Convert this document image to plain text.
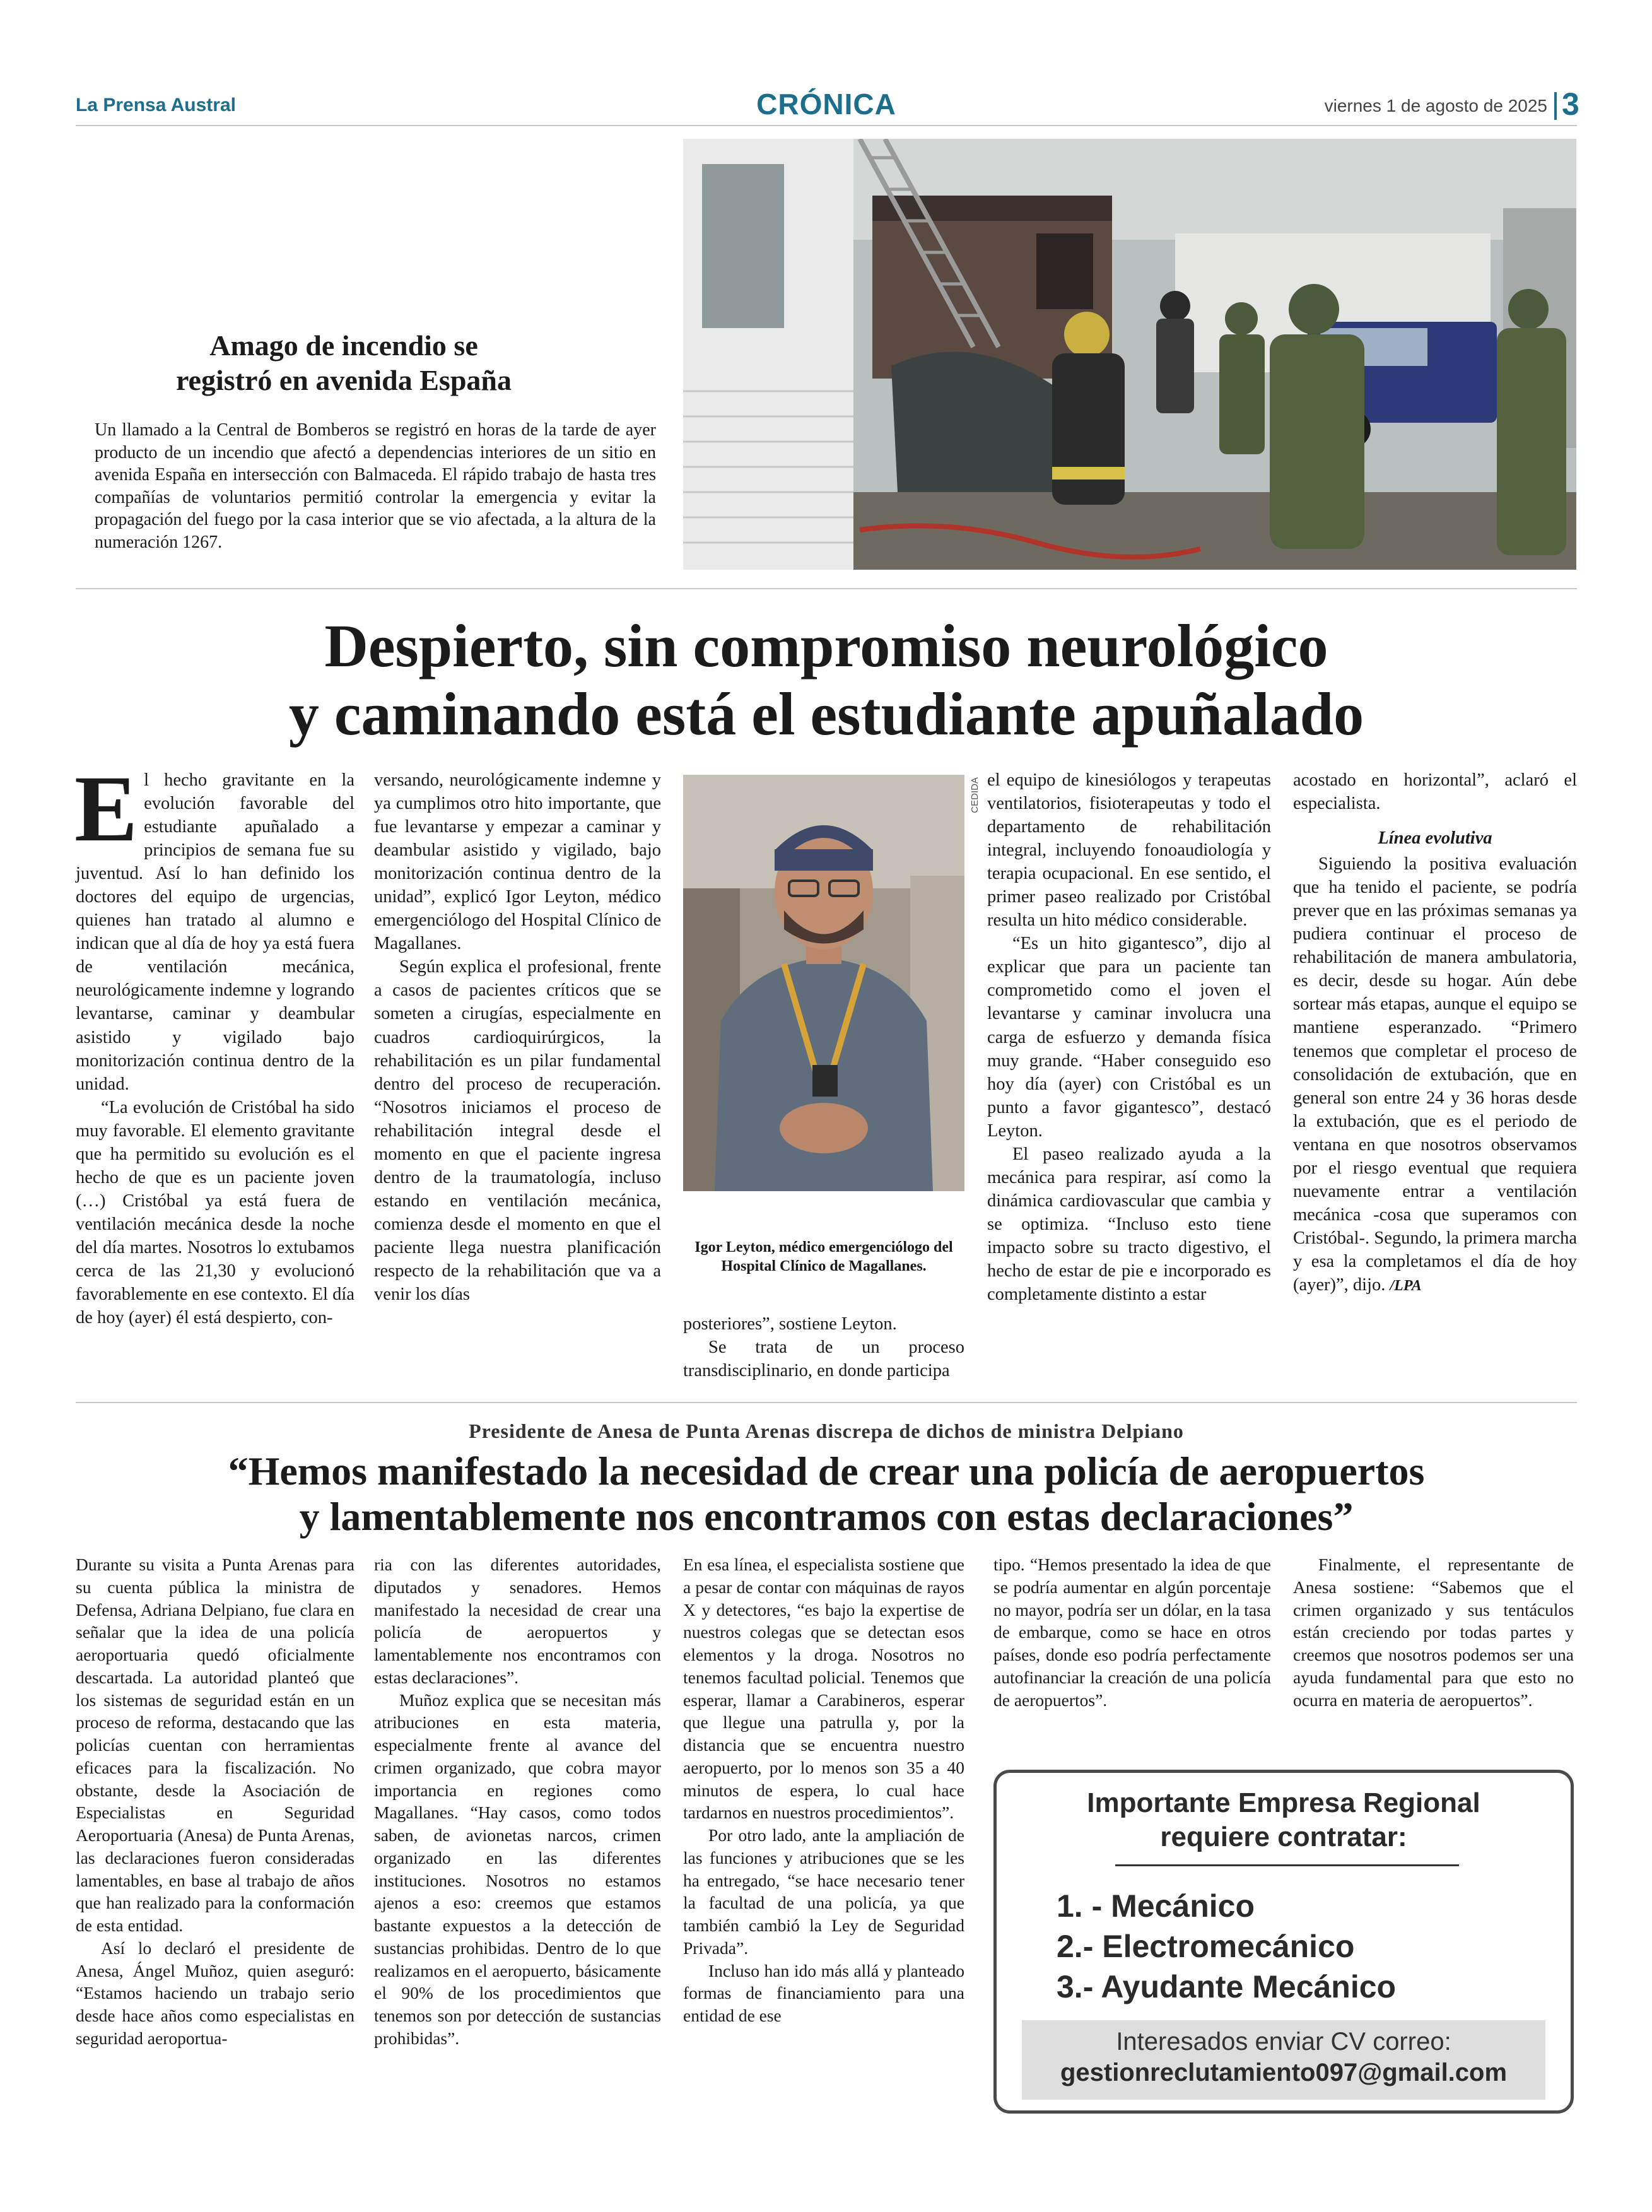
La Prensa Austral	CRÓNICA	viernes 1 de agosto de 2025 3
Amago de incendio se
registró en avenida España
Un llamado a la Central de Bomberos se registró en horas de la tarde de ayer producto de un incendio que afectó a dependencias interiores de un sitio en avenida España en intersección con Balmaceda. El rápido trabajo de hasta tres compañías de voluntarios permitió controlar la emergencia y evitar la propagación del fuego por la casa interior que se vio afectada, a la altura de la numeración 1267.
Despierto, sin compromiso neurológico
y caminando está el estudiante apuñalado

El hecho gravitante en la evolución favorable del estudiante apuñalado a principios de semana fue su juventud. Así lo han definido los doctores del equipo de urgencias, quienes han tratado al alumno e indican que al día de hoy ya está fuera de ventilación mecánica, neurológicamente indemne y logrando levantarse, caminar y deambular asistido y vigilado bajo monitorización continua dentro de la unidad.

“La evolución de Cristóbal ha sido muy favorable. El elemento gravitante que ha permitido su evolución es el hecho de que es un paciente joven (…) Cristóbal ya está fuera de ventilación mecánica desde la noche del día martes. Nosotros lo extubamos cerca de las 21,30 y evolucionó favorablemente en ese contexto. El día de hoy (ayer) él está despierto, con-

versando, neurológicamente indemne y ya cumplimos otro hito importante, que fue levantarse y empezar a caminar y deambular asistido y vigilado, bajo monitorización continua dentro de la unidad”, explicó Igor Leyton, médico emergenciólogo del Hospital Clínico de Magallanes.

Según explica el profesional, frente a casos de pacientes críticos que se someten a cirugías, especialmente en cuadros cardioquirúrgicos, la rehabilitación es un pilar fundamental dentro del proceso de recuperación. “Nosotros iniciamos el proceso de rehabilitación integral desde el momento en que el paciente ingresa dentro de la traumatología, incluso estando en ventilación mecánica, comienza desde el momento en que el paciente llega nuestra planificación respecto de la rehabilitación que va a venir los días

Igor Leyton, médico emergenciólogo del Hospital Clínico de Magallanes.
CEDIDA

posteriores”, sostiene Leyton.

Se trata de un proceso transdisciplinario, en donde participa

el equipo de kinesiólogos y terapeutas ventilatorios, fisioterapeutas y todo el departamento de rehabilitación integral, incluyendo fonoaudiología y terapia ocupacional. En ese sentido, el primer paseo realizado por Cristóbal resulta un hito médico considerable.

“Es un hito gigantesco”, dijo al explicar que para un paciente tan comprometido como el joven el levantarse y caminar involucra una carga de esfuerzo y demanda física muy grande. “Haber conseguido eso hoy día (ayer) con Cristóbal es un punto a favor gigantesco”, destacó Leyton.

El paseo realizado ayuda a la mecánica para respirar, así como la dinámica cardiovascular que cambia y se optimiza. “Incluso esto tiene impacto sobre su tracto digestivo, el hecho de estar de pie e incorporado es completamente distinto a estar

acostado en horizontal”, aclaró el especialista.

Línea evolutiva

Siguiendo la positiva evaluación que ha tenido el paciente, se podría prever que en las próximas semanas ya pudiera continuar el proceso de rehabilitación de manera ambulatoria, es decir, desde su hogar. Aún debe sortear más etapas, aunque el equipo se mantiene esperanzado. “Primero tenemos que completar el proceso de consolidación de extubación, que en general son entre 24 y 36 horas desde la extubación, que es el periodo de ventana en que nosotros observamos por el riesgo eventual que requiera nuevamente entrar a ventilación mecánica -cosa que superamos con Cristóbal-. Segundo, la primera marcha y esa la completamos el día de hoy (ayer)”, dijo. /LPA

Presidente de Anesa de Punta Arenas discrepa de dichos de ministra Delpiano
“Hemos manifestado la necesidad de crear una policía de aeropuertos
y lamentablemente nos encontramos con estas declaraciones”

Durante su visita a Punta Arenas para su cuenta pública la ministra de Defensa, Adriana Delpiano, fue clara en señalar que la idea de una policía aeroportuaria quedó oficialmente descartada. La autoridad planteó que los sistemas de seguridad están en un proceso de reforma, destacando que las policías cuentan con herramientas eficaces para la fiscalización. No obstante, desde la Asociación de Especialistas en Seguridad Aeroportuaria (Anesa) de Punta Arenas, las declaraciones fueron consideradas lamentables, en base al trabajo de años que han realizado para la conformación de esta entidad.

Así lo declaró el presidente de Anesa, Ángel Muñoz, quien aseguró: “Estamos haciendo un trabajo serio desde hace años como especialistas en seguridad aeroportua-

ria con las diferentes autoridades, diputados y senadores. Hemos manifestado la necesidad de crear una policía de aeropuertos y lamentablemente nos encontramos con estas declaraciones”.

Muñoz explica que se necesitan más atribuciones en esta materia, especialmente frente al avance del crimen organizado, que cobra mayor importancia en regiones como Magallanes. “Hay casos, como todos saben, de avionetas narcos, crimen organizado en las diferentes instituciones. Nosotros no estamos ajenos a eso: creemos que estamos bastante expuestos a la detección de sustancias prohibidas. Dentro de lo que realizamos en el aeropuerto, básicamente el 90% de los procedimientos que tenemos son por detección de sustancias prohibidas”.

En esa línea, el especialista sostiene que a pesar de contar con máquinas de rayos X y detectores, “es bajo la expertise de nuestros colegas que se detectan esos elementos y la droga. Nosotros no tenemos facultad policial. Tenemos que esperar, llamar a Carabineros, esperar que llegue una patrulla y, por la distancia que se encuentra nuestro aeropuerto, por lo menos son 35 a 40 minutos de espera, lo cual hace tardarnos en nuestros procedimientos”.

Por otro lado, ante la ampliación de las funciones y atribuciones que se les ha entregado, “se hace necesario tener la facultad de una policía, ya que también cambió la Ley de Seguridad Privada”.

Incluso han ido más allá y planteado formas de financiamiento para una entidad de ese

tipo. “Hemos presentado la idea de que se podría aumentar en algún porcentaje no mayor, podría ser un dólar, en la tasa de embarque, como se hace en otros países, donde eso podría perfectamente autofinanciar la creación de una policía de aeropuertos”.

Finalmente, el representante de Anesa sostiene: “Sabemos que el crimen organizado y sus tentáculos están creciendo por todas partes y creemos que nosotros podemos ser una ayuda fundamental para que esto no ocurra en materia de aeropuertos”.

Importante Empresa Regional
requiere contratar:
1. - Mecánico
2.- Electromecánico
3.- Ayudante Mecánico
Interesados enviar CV correo:
gestionreclutamiento097@gmail.com
